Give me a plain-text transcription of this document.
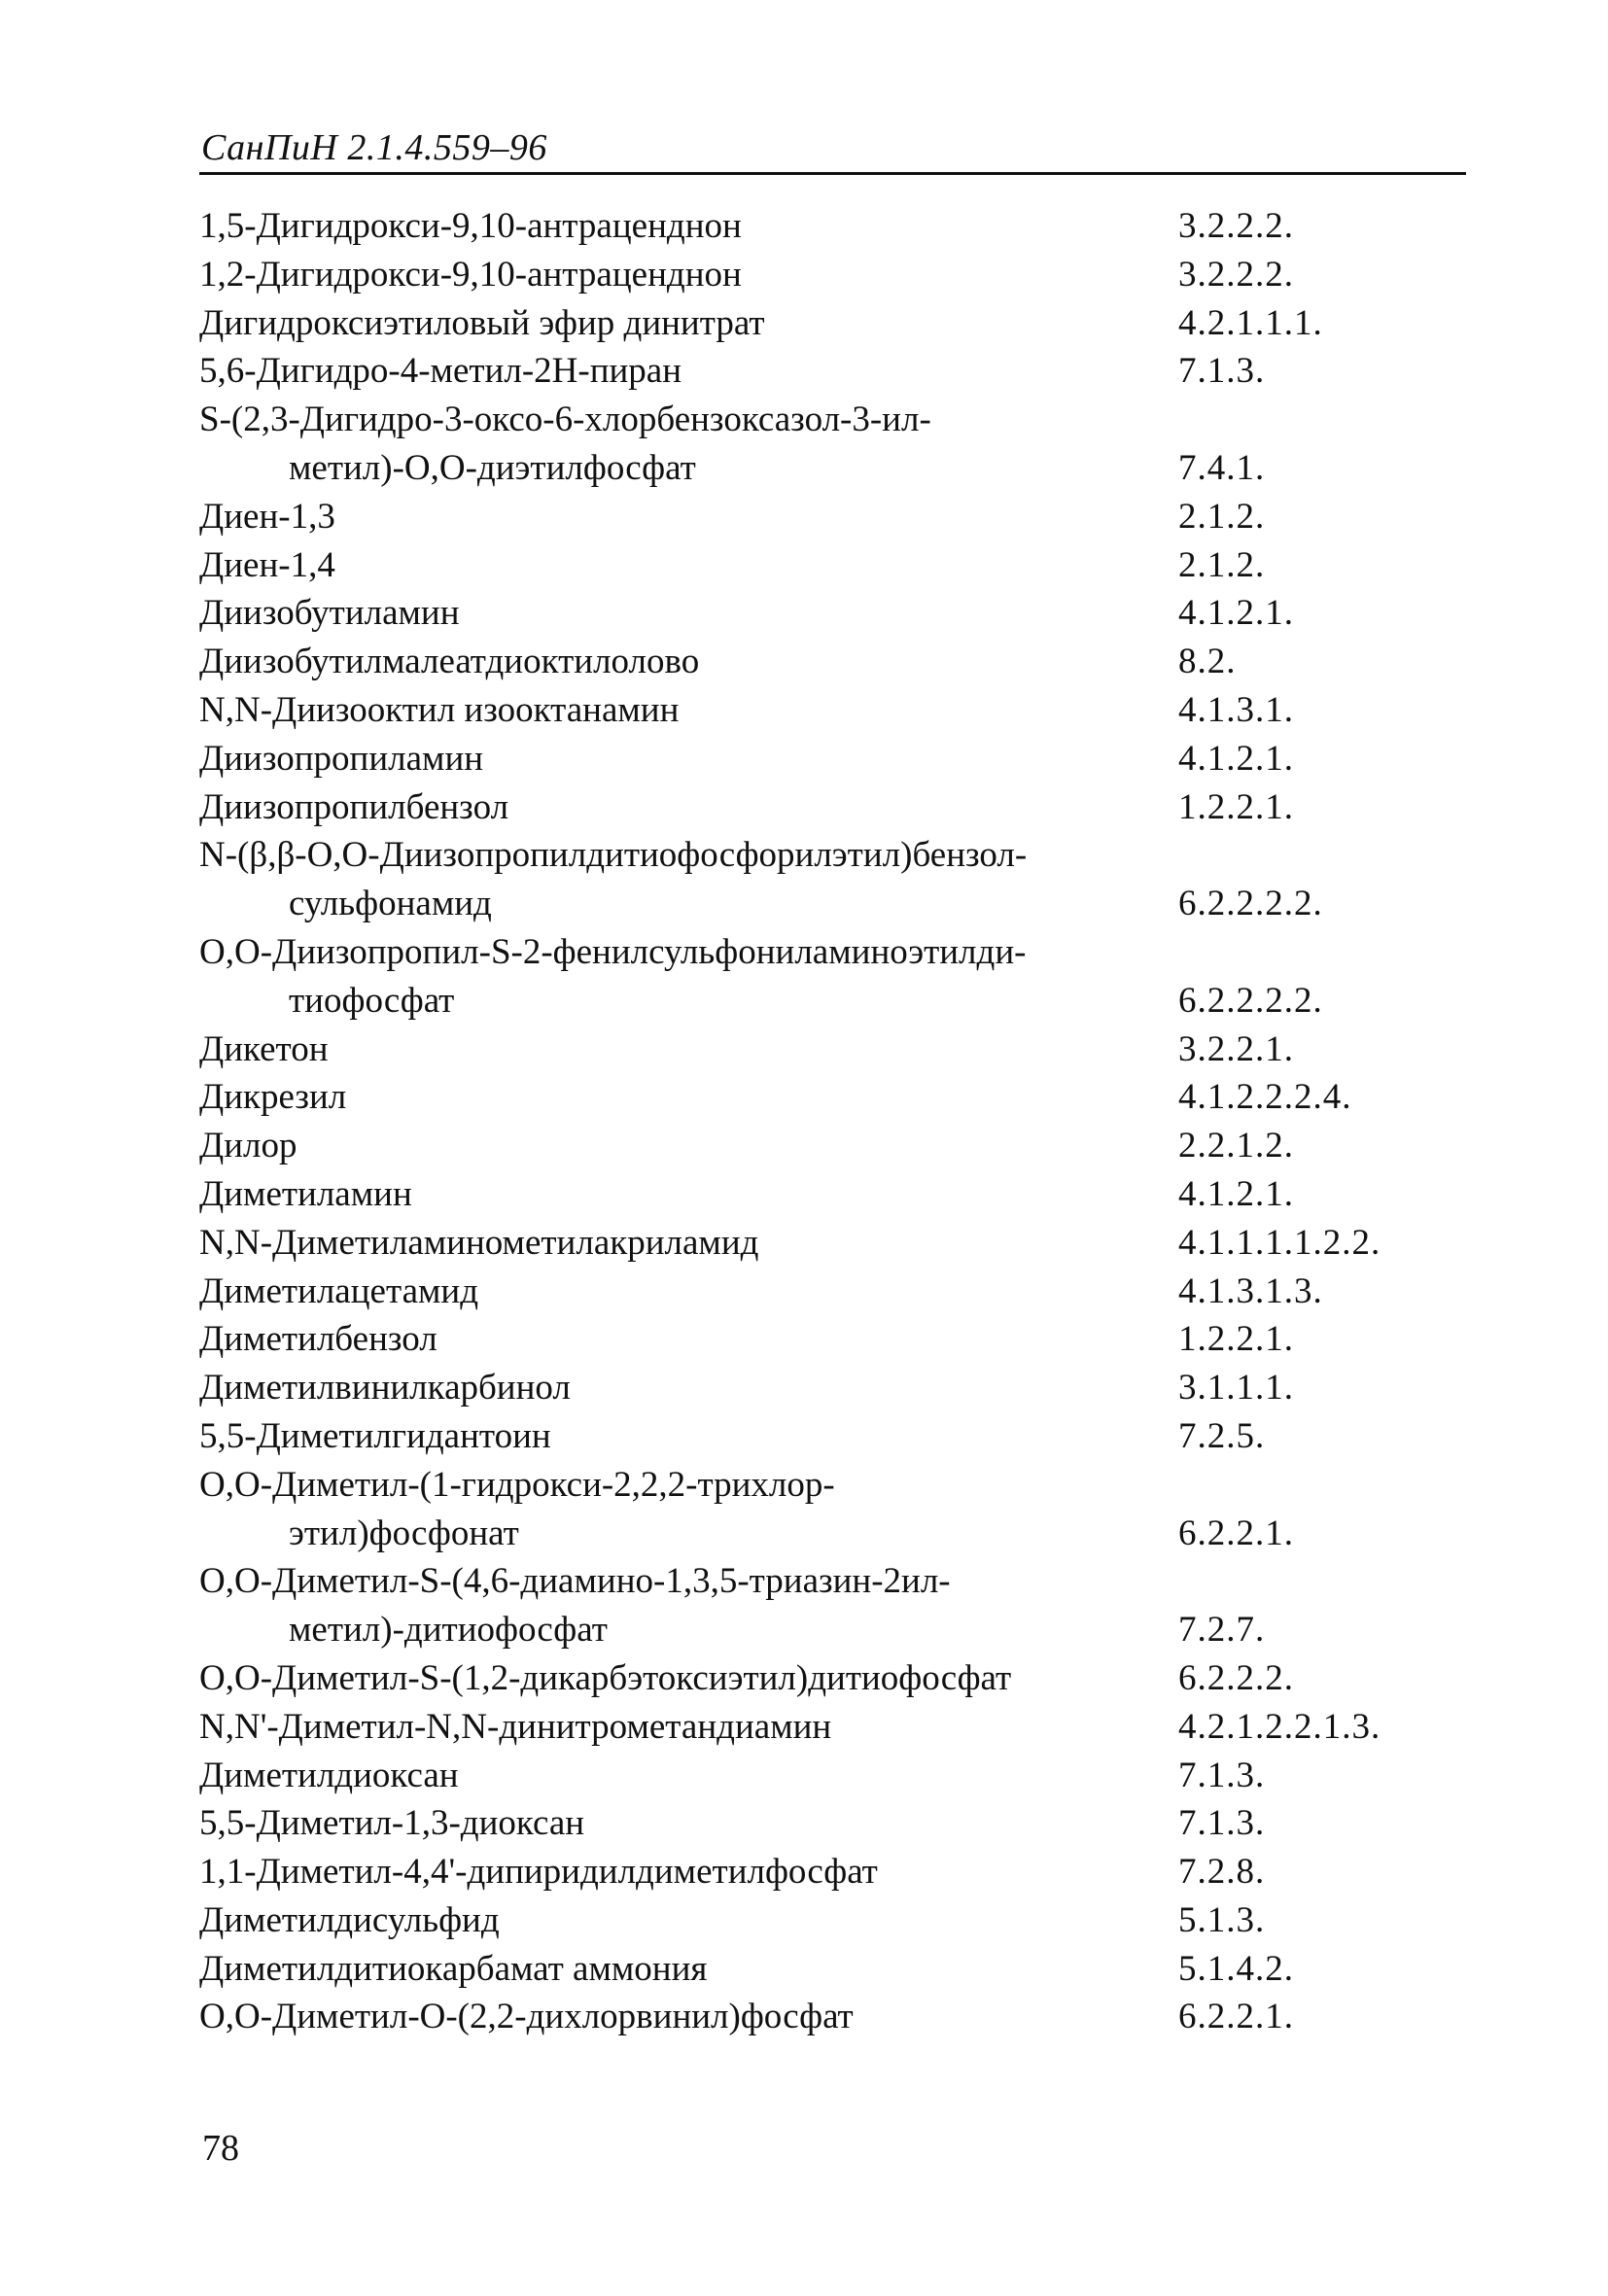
СанПиН 2.1.4.559–96
1,5-Дигидрокси-9,10-антраценднон	3.2.2.2.
1,2-Дигидрокси-9,10-антраценднон	3.2.2.2.
Дигидроксиэтиловый эфир динитрат	4.2.1.1.1.
5,6-Дигидро-4-метил-2Н-пиран	7.1.3.
S-(2,3-Дигидро-3-оксо-6-хлорбензоксазол-3-ил-
метил)-О,О-диэтилфосфат	7.4.1.
Диен-1,3	2.1.2.
Диен-1,4	2.1.2.
Диизобутиламин	4.1.2.1.
Диизобутилмалеатдиоктилолово	8.2.
N,N-Диизооктил изооктанамин	4.1.3.1.
Диизопропиламин	4.1.2.1.
Диизопропилбензол	1.2.2.1.
N-(β,β-О,О-Диизопропилдитиофосфорилэтил)бензол-
сульфонамид	6.2.2.2.2.
О,О-Диизопропил-S-2-фенилсульфониламиноэтилди-
тиофосфат	6.2.2.2.2.
Дикетон	3.2.2.1.
Дикрезил	4.1.2.2.2.4.
Дилор	2.2.1.2.
Диметиламин	4.1.2.1.
N,N-Диметиламинометилакриламид	4.1.1.1.1.2.2.
Диметилацетамид	4.1.3.1.3.
Диметилбензол	1.2.2.1.
Диметилвинилкарбинол	3.1.1.1.
5,5-Диметилгидантоин	7.2.5.
О,О-Диметил-(1-гидрокси-2,2,2-трихлор-
этил)фосфонат	6.2.2.1.
О,О-Диметил-S-(4,6-диамино-1,3,5-триазин-2ил-
метил)-дитиофосфат	7.2.7.
О,О-Диметил-S-(1,2-дикарбэтоксиэтил)дитиофосфат	6.2.2.2.
N,N'-Диметил-N,N-динитрометандиамин	4.2.1.2.2.1.3.
Диметилдиоксан	7.1.3.
5,5-Диметил-1,3-диоксан	7.1.3.
1,1-Диметил-4,4'-дипиридилдиметилфосфат	7.2.8.
Диметилдисульфид	5.1.3.
Диметилдитиокарбамат аммония	5.1.4.2.
О,О-Диметил-О-(2,2-дихлорвинил)фосфат	6.2.2.1.
78
